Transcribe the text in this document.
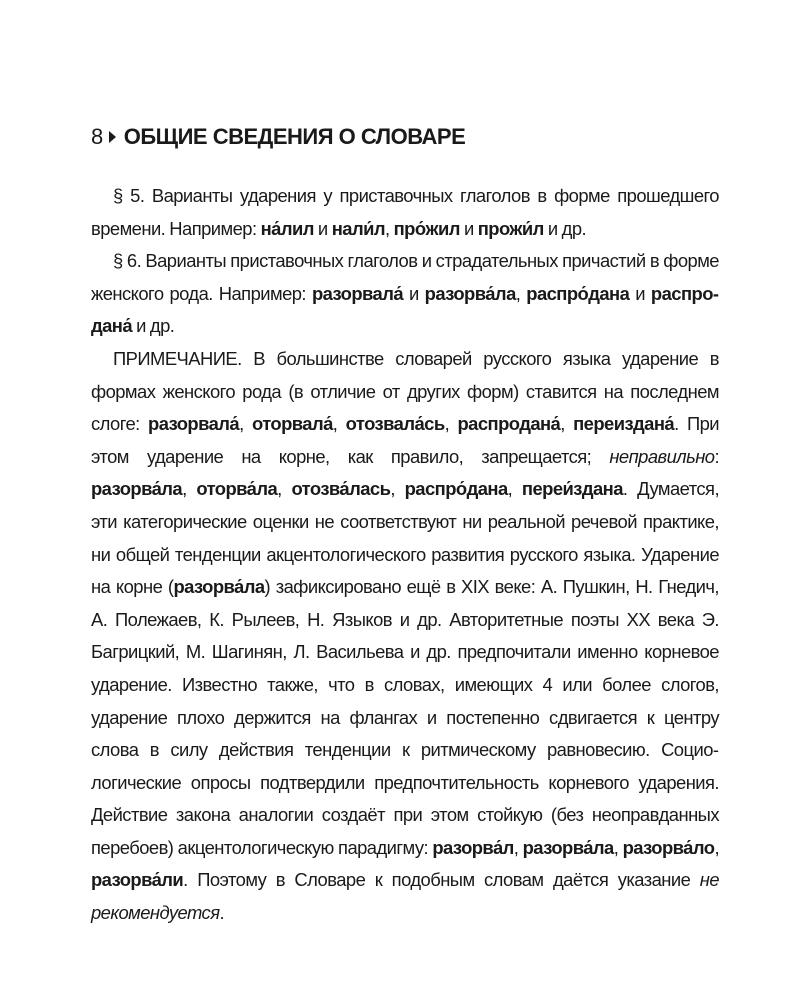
8 ОБЩИЕ СВЕДЕНИЯ О СЛОВАРЕ

§ 5. Варианты ударения у приставочных глаголов в форме прошедшего времени. Например: на́лил и нали́л, про́жил и прожи́л и др.

§ 6. Варианты приставочных глаголов и страдательных причастий в форме женского рода. Например: разорвала́ и разорва́ла, распро́дана и распродана́ и др.

ПРИМЕЧАНИЕ. В большинстве словарей русского языка ударение в формах женского рода (в отличие от других форм) ставится на последнем слоге: разорвала́, оторвала́, отозвала́сь, распродана́, переиздана́. При этом ударение на корне, как правило, запрещается; неправильно: разорва́ла, оторва́ла, отозва́лась, распро́дана, переи́здана. Думается, эти категорические оценки не соответствуют ни реальной речевой практике, ни общей тенденции акцентологического развития русского языка. Ударение на корне (разорва́ла) зафиксировано ещё в XIX веке: А. Пушкин, Н. Гнедич, А. Полежаев, К. Рылеев, Н. Языков и др. Авторитетные поэты XX века Э. Багрицкий, М. Шагинян, Л. Васильева и др. предпочитали именно корневое ударение. Известно также, что в словах, имеющих 4 или более слогов, ударение плохо держится на флангах и постепенно сдвигается к центру слова в силу действия тенденции к ритмическому равновесию. Социологические опросы подтвердили предпочтительность корневого ударения. Действие закона аналогии создаёт при этом стойкую (без неоправданных перебоев) акцентологическую парадигму: разорва́л, разорва́ла, разорва́ло, разорва́ли. Поэтому в Словаре к подобным словам даётся указание не рекомендуется.
